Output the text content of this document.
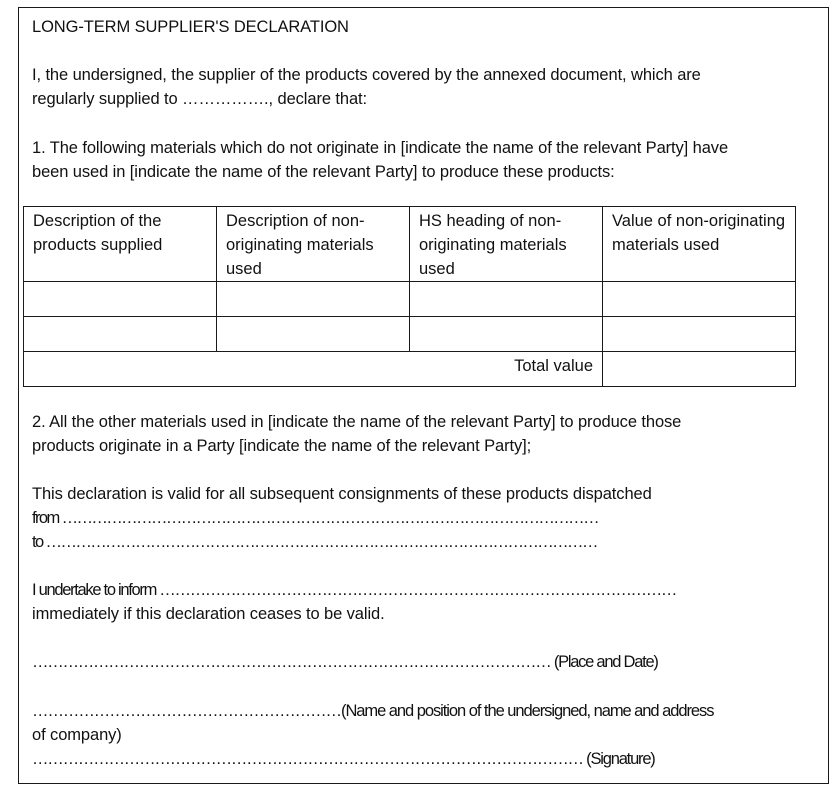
LONG-TERM SUPPLIER'S DECLARATION
I, the undersigned, the supplier of the products covered by the annexed document, which are
regularly supplied to ……………., declare that:
1. The following materials which do not originate in [indicate the name of the relevant Party] have
been used in [indicate the name of the relevant Party] to produce these products:
Description of the products supplied	Description of non-originating materials used	HS heading of non-originating materials used	Value of non-originating materials used

Total value			
2. All the other materials used in [indicate the name of the relevant Party] to produce those
products originate in a Party [indicate the name of the relevant Party];
This declaration is valid for all subsequent consignments of these products dispatched
from ………………………………………………………………………………………………
to …………………………………………………………………………………………………
I undertake to inform …………………………………………………………………………………………
immediately if this declaration ceases to be valid.
………………………………………………………………………………………… (Place and Date)
……………………………………………………(Name and position of the undersigned, name and address
of company)
……………………………………………………………………………………………… (Signature)
